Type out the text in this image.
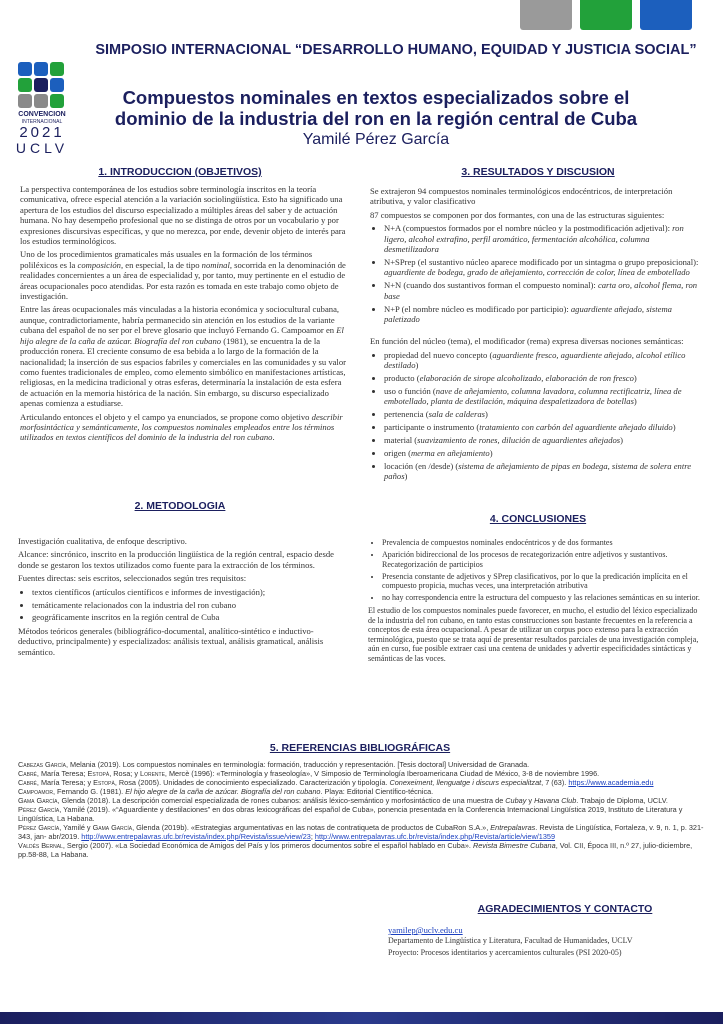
CONVENCION
INTERNACIONAL
2021
UCLV
SIMPOSIO INTERNACIONAL “DESARROLLO HUMANO, EQUIDAD Y JUSTICIA SOCIAL”
Compuestos nominales en textos especializados sobre el
dominio de la industria del ron en la región central de Cuba
Yamilé Pérez García
1. INTRODUCCION (OBJETIVOS)

La perspectiva contemporánea de los estudios sobre terminología inscritos en la teoría comunicativa, ofrece especial atención a la variación sociolingüística. Esto ha significado una apertura de los estudios del discurso especializado a múltiples áreas del saber y de actuación humana. No hay desempeño profesional que no se distinga de otros por un vocabulario y por expresiones discursivas específicas, y que no merezca, por ende, devenir objeto de interés para los estudios terminológicos.

Uno de los procedimientos gramaticales más usuales en la formación de los términos poliléxicos es la composición, en especial, la de tipo nominal, socorrida en la denominación de realidades concernientes a un área de especialidad y, por tanto, muy pertinente en el estudio de áreas ocupacionales poco atendidas. Por esta razón es tomada en este trabajo como objeto de investigación.

Entre las áreas ocupacionales más vinculadas a la historia económica y sociocultural cubana, aunque, contradictoriamente, habría permanecido sin atención en los estudios de la variante cubana del español de no ser por el breve glosario que incluyó Fernando G. Campoamor en El hijo alegre de la caña de azúcar. Biografía del ron cubano (1981), se encuentra la de la producción ronera. El creciente consumo de esa bebida a lo largo de la formación de la nacionalidad; la inserción de sus espacios fabriles y comerciales en las comunidades y su valor como fuentes tradicionales de empleo, como elemento simbólico en manifestaciones artísticas, religiosas, en la medicina tradicional y otras esferas, determinaría la instalación de esta esfera de actuación en la memoria histórica de la nación. Sin embargo, su discurso especializado apenas comienza a estudiarse.

Articulando entonces el objeto y el campo ya enunciados, se propone como objetivo describir morfosintáctica y semánticamente, los compuestos nominales empleados entre los términos utilizados en textos científicos del dominio de la industria del ron cubano.

2. METODOLOGIA

Investigación cualitativa, de enfoque descriptivo.

Alcance: sincrónico, inscrito en la producción lingüística de la región central, espacio desde donde se gestaron los textos utilizados como fuente para la extracción de los términos.

Fuentes directas: seis escritos, seleccionados según tres requisitos:

• textos científicos (artículos científicos e informes de investigación);
• temáticamente relacionados con la industria del ron cubano
• geográficamente inscritos en la región central de Cuba

Métodos teóricos generales (bibliográfico-documental, analítico-sintético e inductivo-deductivo, principalmente) y especializados: análisis textual, análisis gramatical, análisis semántico.

3. RESULTADOS Y DISCUSION

Se extrajeron 94 compuestos nominales terminológicos endocéntricos, de interpretación atributiva, y valor clasificativo

87 compuestos se componen por dos formantes, con una de las estructuras siguientes:

• N+A (compuestos formados por el nombre núcleo y la postmodificación adjetival): ron ligero, alcohol extrafino, perfil aromático, fermentación alcohólica, columna desmetilizadora
• N+SPrep (el sustantivo núcleo aparece modificado por un sintagma o grupo preposicional): aguardiente de bodega, grado de añejamiento, corrección de color, línea de embotellado
• N+N (cuando dos sustantivos forman el compuesto nominal): carta oro, alcohol flema, ron base
• N+P (el nombre núcleo es modificado por participio): aguardiente añejado, sistema paletizado

En función del núcleo (tema), el modificador (rema) expresa diversas nociones semánticas:

• propiedad del nuevo concepto (aguardiente fresco, aguardiente añejado, alcohol etílico destilado)
• producto (elaboración de sirope alcoholizado, elaboración de ron fresco)
• uso o función (nave de añejamiento, columna lavadora, columna rectificatriz, línea de embotellado, planta de destilación, máquina despaletizadora de botellas)
• pertenencia (sala de calderas)
• participante o instrumento (tratamiento con carbón del aguardiente añejado diluido)
• material (suavizamiento de rones, dilución de aguardientes añejados)
• origen (merma en añejamiento)
• locación (en /desde) (sistema de añejamiento de pipas en bodega, sistema de solera entre paños)
4. CONCLUSIONES
• Prevalencia de compuestos nominales endocéntricos y de dos formantes
• Aparición bidireccional de los procesos de recategorización entre adjetivos y sustantivos. Recategorización de participios
• Presencia constante de adjetivos y SPrep clasificativos, por lo que la predicación implícita en el compuesto propicia, muchas veces, una interpretación atributiva
• no hay correspondencia entre la estructura del compuesto y las relaciones semánticas en su interior.

El estudio de los compuestos nominales puede favorecer, en mucho, el estudio del léxico especializado de la industria del ron cubano, en tanto estas construcciones son bastante frecuentes en la referencia a conceptos de esta área ocupacional. A pesar de utilizar un corpus poco extenso para la extracción terminológica, puesto que se trata aquí de presentar resultados parciales de una investigación compleja, aún en curso, fue posible extraer casi una centena de unidades y advertir especificidades sintácticas y semánticas de las voces.

5. REFERENCIAS BIBLIOGRÁFICAS

Cabezas García, Melania (2019). Los compuestos nominales en terminología: formación, traducción y representación. [Tesis doctoral] Universidad de Granada.

Cabré, María Teresa; Estopà, Rosa; y Lorente, Mercè (1996): «Terminología y fraseología», V Simposio de Terminología Iberoamericana Ciudad de México, 3-8 de noviembre 1996.

Cabré, María Teresa; y Estopà, Rosa (2005). Unidades de conocimiento especializado. Caracterización y tipología. Conexeiment, llenguatge i discurs especialitzat, 7 (63). https://www.academia.edu

Campoamor, Fernando G. (1981). El hijo alegre de la caña de azúcar. Biografía del ron cubano. Playa: Editorial Científico-técnica.

Gama García, Glenda (2018). La descripción comercial especializada de rones cubanos: análisis léxico-semántico y morfosintáctico de una muestra de Cubay y Havana Club. Trabajo de Diploma, UCLV.

Pérez García, Yamilé (2019). «“Aguardiente y destilaciones” en dos obras lexicográficas del español de Cuba», ponencia presentada en la Conferencia Internacional Lingüística 2019, Instituto de Literatura y Lingüística, La Habana.

Pérez García, Yamilé y Gama García, Glenda (2019b). «Estrategias argumentativas en las notas de contratiqueta de productos de CubaRon S.A.», Entrepalavras. Revista de Lingüística, Fortaleza, v. 9, n. 1, p. 321-343, jan- abr/2019. http://www.entrepalavras.ufc.br/revista/index.php/Revista/issue/view/23; http://www.entrepalavras.ufc.br/revista/index.php/Revista/article/view/1359

Valdés Bernal, Sergio (2007). «La Sociedad Económica de Amigos del País y los primeros documentos sobre el español hablado en Cuba». Revista Bimestre Cubana, Vol. CII, Época III, n.º 27, julio-diciembre, pp.58-88, La Habana.

AGRADECIMIENTOS Y CONTACTO
yamilep@uclv.edu.cu
Departamento de Lingüística y Literatura, Facultad de Humanidades, UCLV
Proyecto: Procesos identitarios y acercamientos culturales (PSI 2020-05)
